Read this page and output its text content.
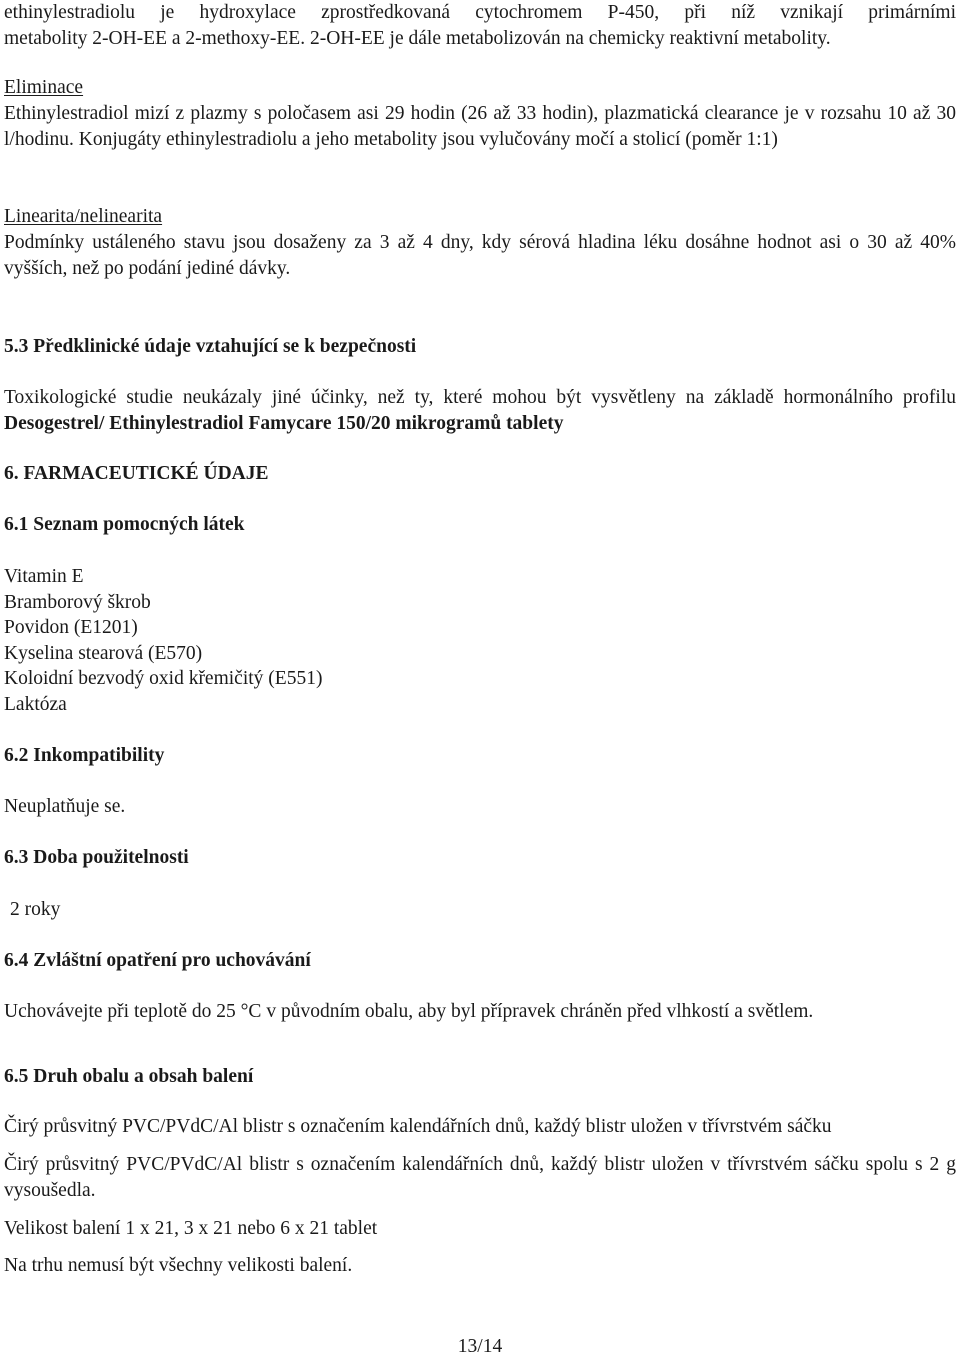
ethinylestradiolu je hydroxylace zprostředkovaná cytochromem P-450, při níž vznikají primárními
metabolity 2-OH-EE a 2-methoxy-EE. 2-OH-EE je dále metabolizován na chemicky reaktivní metabolity.

Eliminace

Ethinylestradiol mizí z plazmy s poločasem asi 29 hodin (26 až 33 hodin), plazmatická clearance je v rozsahu 10 až 30 l/hodinu. Konjugáty ethinylestradiolu a jeho metabolity jsou vylučovány močí a stolicí (poměr 1:1)

Linearita/nelinearita

Podmínky ustáleného stavu jsou dosaženy za 3 až 4 dny, kdy sérová hladina léku dosáhne hodnot asi o 30 až 40% vyšších, než po podání jediné dávky.

5.3 Předklinické údaje vztahující se k bezpečnosti

Toxikologické studie neukázaly jiné účinky, než ty, které mohou být vysvětleny na základě hormonálního profilu Desogestrel/ Ethinylestradiol Famycare 150/20 mikrogramů tablety

6. FARMACEUTICKÉ ÚDAJE

6.1 Seznam pomocných látek

Vitamin E
Bramborový škrob
Povidon (E1201)
Kyselina stearová (E570)
Koloidní bezvodý oxid křemičitý (E551)
Laktóza

6.2 Inkompatibility

Neuplatňuje se.

6.3 Doba použitelnosti

2 roky

6.4 Zvláštní opatření pro uchovávání

Uchovávejte při teplotě do 25 °C v původním obalu, aby byl přípravek chráněn před vlhkostí a světlem.

6.5 Druh obalu a obsah balení

Čirý průsvitný PVC/PVdC/Al blistr s označením kalendářních dnů, každý blistr uložen v třívrstvém sáčku

Čirý průsvitný PVC/PVdC/Al blistr s označením kalendářních dnů, každý blistr uložen v třívrstvém sáčku spolu s 2 g vysoušedla.

Velikost balení 1 x 21, 3 x 21 nebo 6 x 21 tablet

Na trhu nemusí být všechny velikosti balení.

13/14
